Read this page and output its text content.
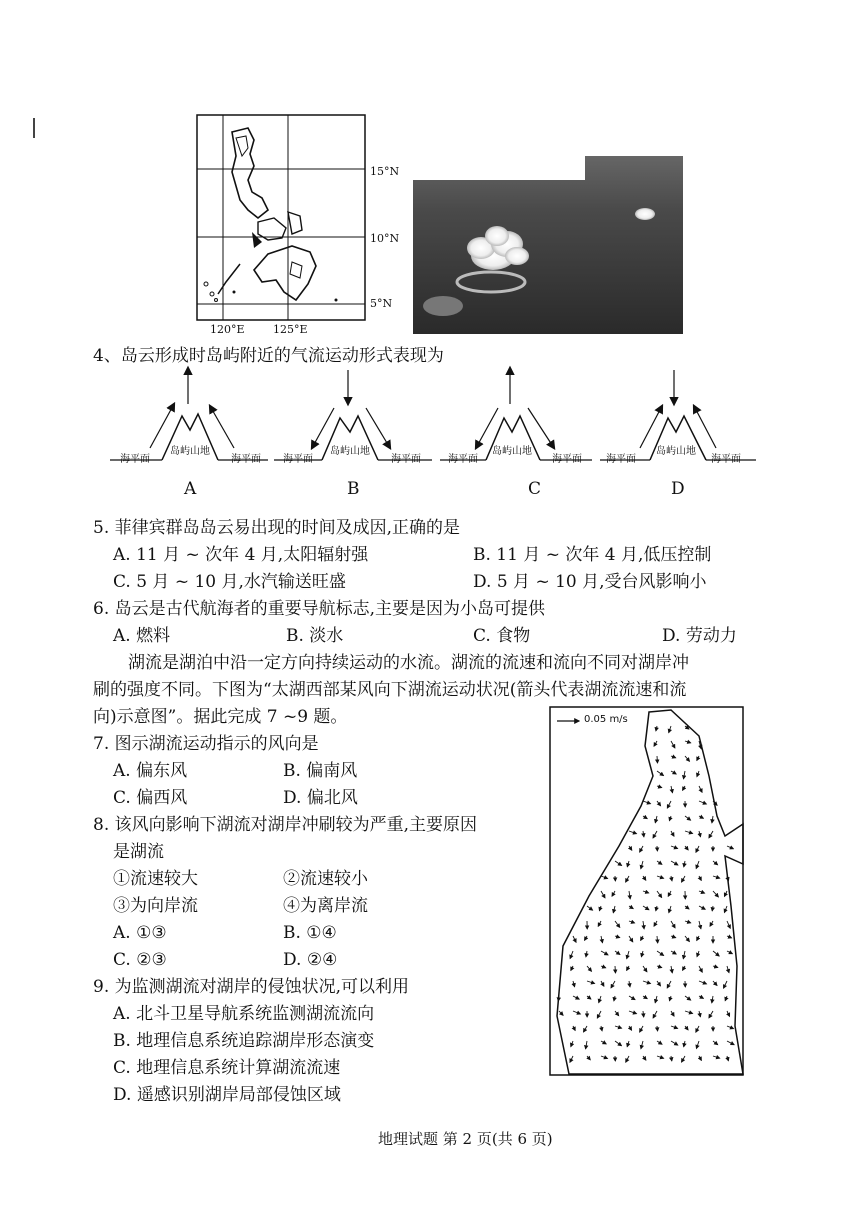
15°N
10°N
5°N
120°E	125°E
4、岛云形成时岛屿附近的气流运动形式表现为
海平面
岛屿山地
海平面 海平面
岛屿山地
海平面	海平面
岛屿山地
海平面 海平面
岛屿山地
海平面
A	B	C	D
5. 菲律宾群岛岛云易出现的时间及成因,正确的是
A. 11 月 ~ 次年 4 月,太阳辐射强	B. 11 月 ~ 次年 4 月,低压控制
C. 5 月 ~ 10 月,水汽输送旺盛	D. 5 月 ~ 10 月,受台风影响小
6. 岛云是古代航海者的重要导航标志,主要是因为小岛可提供
A. 燃料	B. 淡水	C. 食物	D. 劳动力
湖流是湖泊中沿一定方向持续运动的水流。湖流的流速和流向不同对湖岸冲
刷的强度不同。下图为“太湖西部某风向下湖流运动状况(箭头代表湖流流速和流
向)示意图”。据此完成 7 ~9 题。	0.05 m/s
7. 图示湖流运动指示的风向是
A. 偏东风	B. 偏南风
C. 偏西风	D. 偏北风
8. 该风向影响下湖流对湖岸冲刷较为严重,主要原因
是湖流
①流速较大	②流速较小
③为向岸流	④为离岸流
A. ①③	B. ①④
C. ②③	D. ②④
9. 为监测湖流对湖岸的侵蚀状况,可以利用
A. 北斗卫星导航系统监测湖流流向
B. 地理信息系统追踪湖岸形态演变
C. 地理信息系统计算湖流流速
D. 遥感识别湖岸局部侵蚀区域
地理试题 第 2 页(共 6 页)
